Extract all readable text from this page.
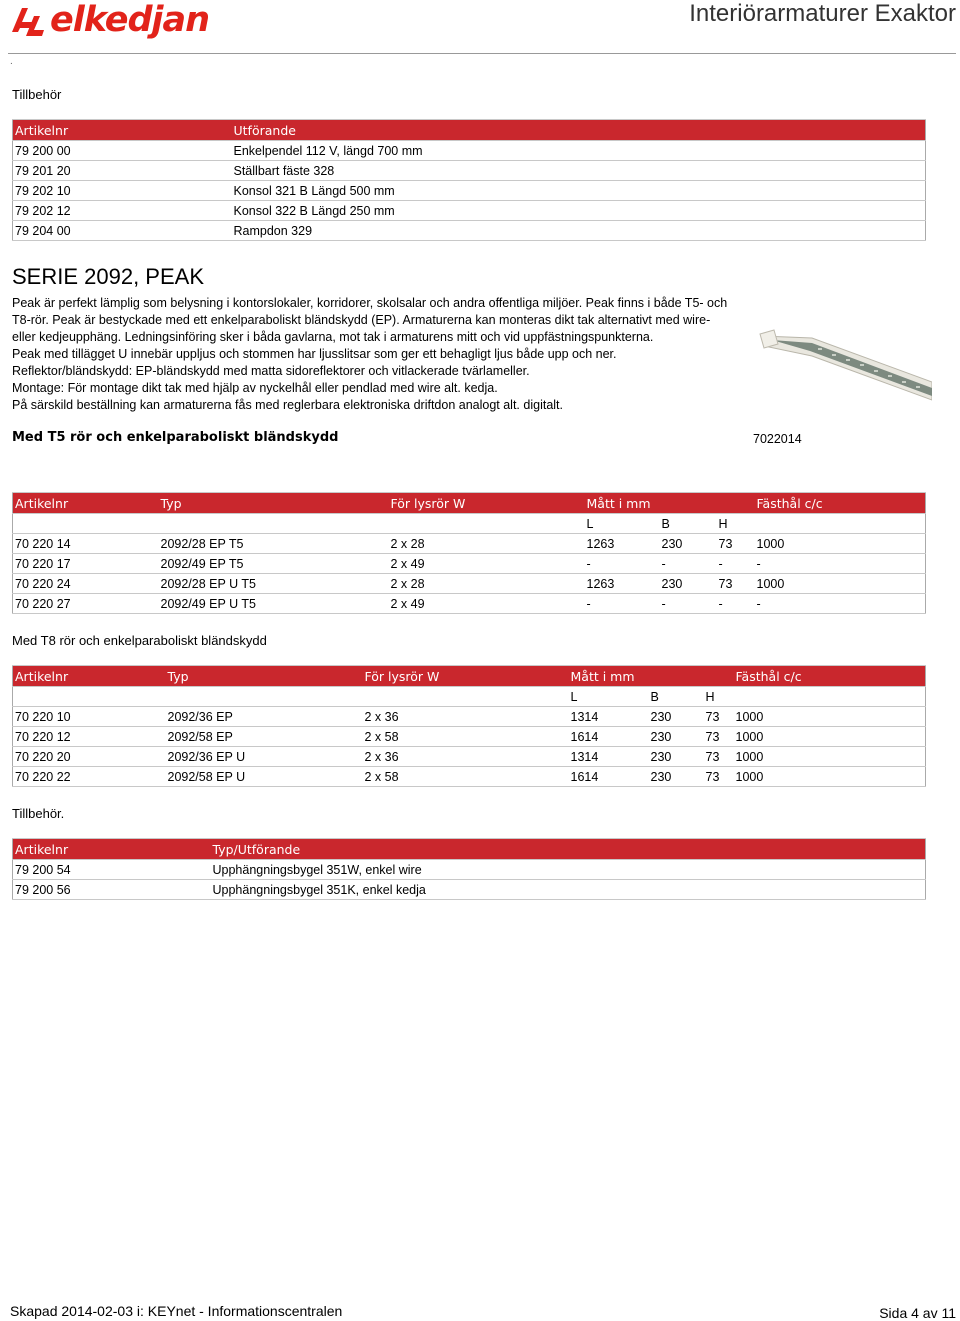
elkedjan	Interiörarmaturer Exaktor
.
Tillbehör
Artikelnr	Utförande
79 200 00	Enkelpendel 112 V, längd 700 mm
79 201 20	Ställbart fäste 328
79 202 10	Konsol 321 B Längd 500 mm
79 202 12	Konsol 322 B Längd 250 mm
79 204 00	Rampdon 329
SERIE 2092, PEAK

Peak är perfekt lämplig som belysning i kontorslokaler, korridorer, skolsalar och andra offentliga miljöer. Peak finns i både T5- och

T8-rör. Peak är bestyckade med ett enkelparaboliskt bländskydd (EP). Armaturerna kan monteras dikt tak alternativt med wire-

eller kedjeupphäng. Ledningsinföring sker i båda gavlarna, mot tak i armaturens mitt och vid uppfästningspunkterna.

Peak med tillägget U innebär uppljus och stommen har ljusslitsar som ger ett behagligt ljus både upp och ner.

Reflektor/bländskydd: EP-bländskydd med matta sidoreflektorer och vitlackerade tvärlameller.

Montage: För montage dikt tak med hjälp av nyckelhål eller pendlad med wire alt. kedja.

På särskild beställning kan armaturerna fås med reglerbara elektroniska driftdon analogt alt. digitalt.

Med T5 rör och enkelparaboliskt bländskydd	7022014
Artikelnr	Typ	För lysrör W	Mått i mm			Fästhål c/c
			L	B	H	
70 220 14	2092/28 EP T5	2 x 28	1263	230	73	1000
70 220 17	2092/49 EP T5	2 x 49	-	-	-	-
70 220 24	2092/28 EP U T5	2 x 28	1263	230	73	1000
70 220 27	2092/49 EP U T5	2 x 49	-	-	-	-
Med T8 rör och enkelparaboliskt bländskydd
Artikelnr	Typ	För lysrör W	Mått i mm			Fästhål c/c
			L	B	H	
70 220 10	2092/36 EP	2 x 36	1314	230	73	1000
70 220 12	2092/58 EP	2 x 58	1614	230	73	1000
70 220 20	2092/36 EP U	2 x 36	1314	230	73	1000
70 220 22	2092/58 EP U	2 x 58	1614	230	73	1000
Tillbehör.
Artikelnr	Typ/Utförande
79 200 54	Upphängningsbygel 351W, enkel wire
79 200 56	Upphängningsbygel 351K, enkel kedja
Skapad 2014-02-03 i: KEYnet - Informationscentralen	Sida 4 av 11
